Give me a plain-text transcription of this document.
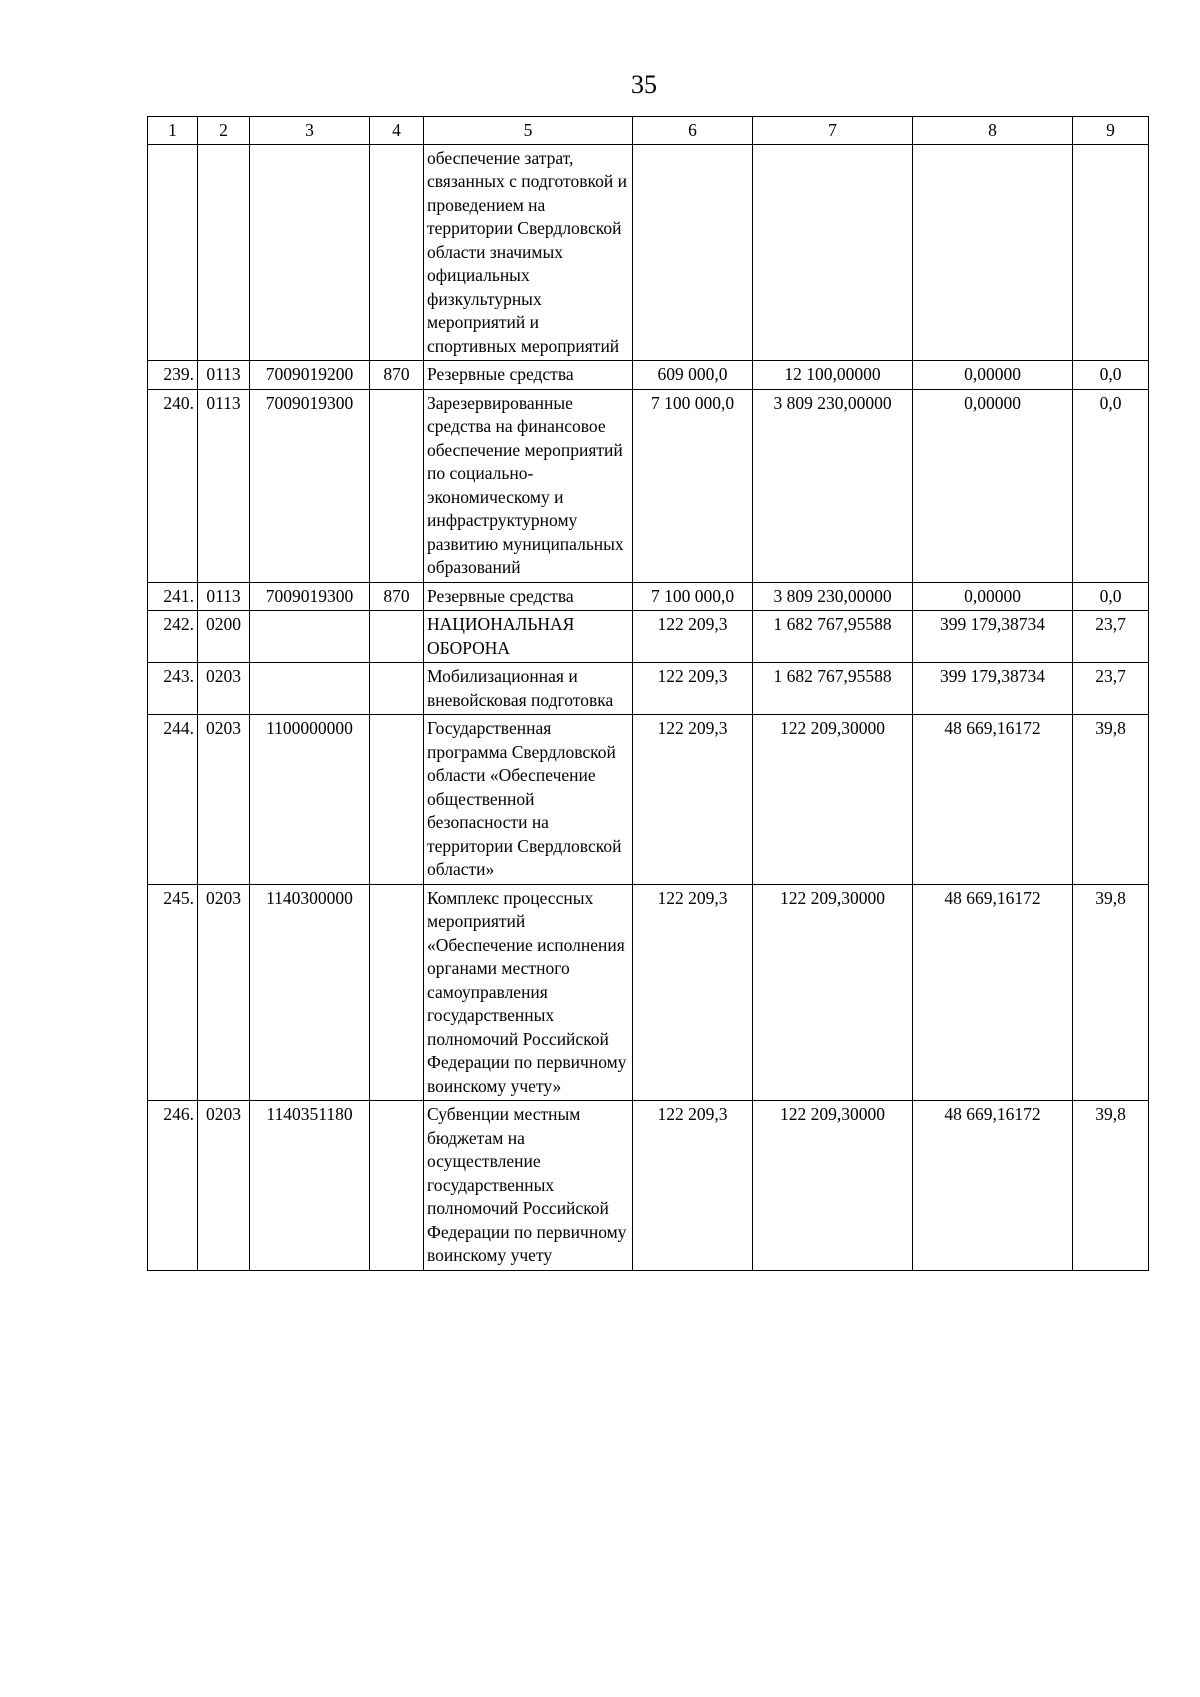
35
1	2	3	4	5	6	7	8	9
				обеспечение затрат, связанных с подготовкой и проведением на территории Свердловской области значимых официальных физкультурных мероприятий и спортивных мероприятий				
239.	0113	7009019200	870	Резервные средства	609 000,0	12 100,00000	0,00000	0,0
240.	0113	7009019300		Зарезервированные средства на финансовое обеспечение мероприятий по социально-экономическому и инфраструктурному развитию муниципальных образований	7 100 000,0	3 809 230,00000	0,00000	0,0
241.	0113	7009019300	870	Резервные средства	7 100 000,0	3 809 230,00000	0,00000	0,0
242.	0200			НАЦИОНАЛЬНАЯ ОБОРОНА	122 209,3	1 682 767,95588	399 179,38734	23,7
243.	0203			Мобилизационная и вневойсковая подготовка	122 209,3	1 682 767,95588	399 179,38734	23,7
244.	0203	1100000000		Государственная программа Свердловской области «Обеспечение общественной безопасности на территории Свердловской области»	122 209,3	122 209,30000	48 669,16172	39,8
245.	0203	1140300000		Комплекс процессных мероприятий «Обеспечение исполнения органами местного самоуправления государственных полномочий Российской Федерации по первичному воинскому учету»	122 209,3	122 209,30000	48 669,16172	39,8
246.	0203	1140351180		Субвенции местным бюджетам на осуществление государственных полномочий Российской Федерации по первичному воинскому учету	122 209,3	122 209,30000	48 669,16172	39,8
